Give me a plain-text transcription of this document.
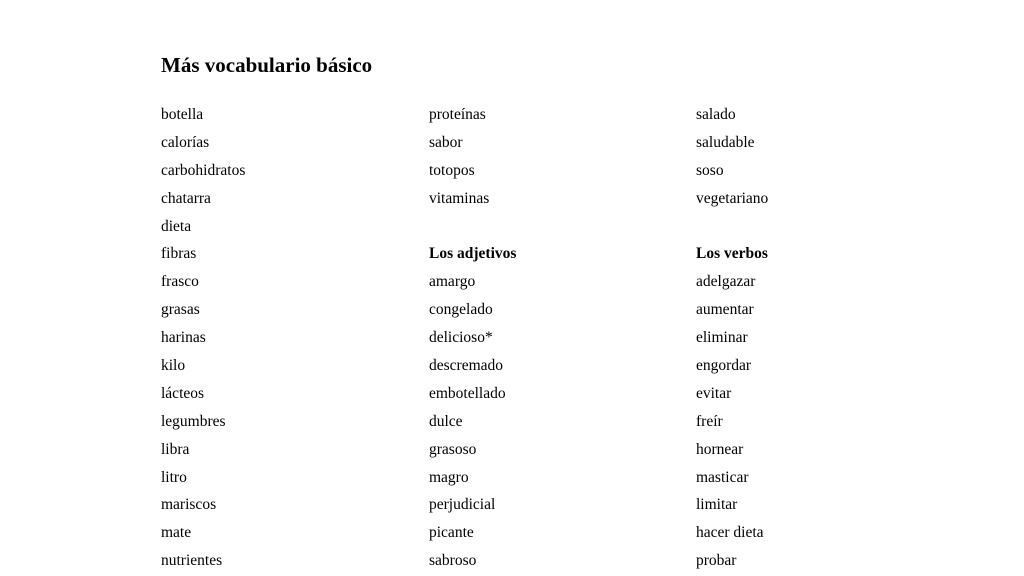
Más vocabulario básico
botella
calorías
carbohidratos
chatarra
dieta
fibras
frasco
grasas
harinas
kilo
lácteos
legumbres
libra
litro
mariscos
mate
nutrientes
proteínas
sabor
totopos
vitaminas
Los adjetivos
amargo
congelado
delicioso*
descremado
embotellado
dulce
grasoso
magro
perjudicial
picante
sabroso
salado
saludable
soso
vegetariano
Los verbos
adelgazar
aumentar
eliminar
engordar
evitar
freír
hornear
masticar
limitar
hacer dieta
probar
